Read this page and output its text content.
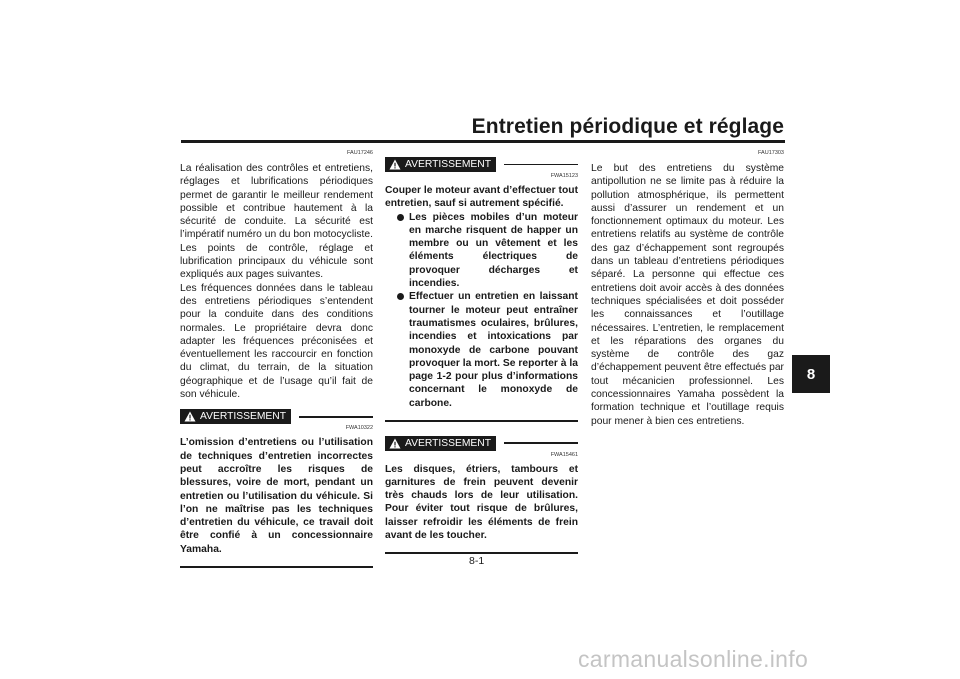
Entretien périodique et réglage
8
FAU17246

La réalisation des contrôles et entretiens, réglages et lubrifications périodiques permet de garantir le meilleur rendement possible et contribue hautement à la sécurité de conduite. La sécurité est l’impératif numéro un du bon motocycliste. Les points de contrôle, réglage et lubrification principaux du véhicule sont expliqués aux pages suivantes.

Les fréquences données dans le tableau des entretiens périodiques s’entendent pour la conduite dans des conditions normales. Le propriétaire devra donc adapter les fréquences préconisées et éventuellement les raccourcir en fonction du climat, du terrain, de la situation géographique et de l’usage qu’il fait de son véhicule.

AVERTISSEMENT
FWA10322

L’omission d’entretiens ou l’utilisation de techniques d’entretien incorrectes peut accroître les risques de blessures, voire de mort, pendant un entretien ou l’utilisation du véhicule. Si l’on ne maîtrise pas les techniques d’entretien du véhicule, ce travail doit être confié à un concessionnaire Yamaha.

AVERTISSEMENT
FWA15123

Couper le moteur avant d’effectuer tout entretien, sauf si autrement spécifié.

Les pièces mobiles d’un moteur en marche risquent de happer un membre ou un vêtement et les éléments électriques de provoquer décharges et incendies.
Effectuer un entretien en laissant tourner le moteur peut entraîner traumatismes oculaires, brûlures, incendies et intoxications par monoxyde de carbone pouvant provoquer la mort. Se reporter à la page 1-2 pour plus d’informations concernant le monoxyde de carbone.
AVERTISSEMENT
FWA15461

Les disques, étriers, tambours et garnitures de frein peuvent devenir très chauds lors de leur utilisation. Pour éviter tout risque de brûlures, laisser refroidir les éléments de frein avant de les toucher.

FAU17303

Le but des entretiens du système antipollution ne se limite pas à réduire la pollution atmosphérique, ils permettent aussi d’assurer un rendement et un fonctionnement optimaux du moteur. Les entretiens relatifs au système de contrôle des gaz d’échappement sont regroupés dans un tableau d’entretiens périodiques séparé. La personne qui effectue ces entretiens doit avoir accès à des données techniques spécialisées et doit posséder les connaissances et l’outillage nécessaires. L’entretien, le remplacement et les réparations des organes du système de contrôle des gaz d’échappement peuvent être effectués par tout mécanicien professionnel. Les concessionnaires Yamaha possèdent la formation technique et l’outillage requis pour mener à bien ces entretiens.

8-1
carmanualsonline.info
